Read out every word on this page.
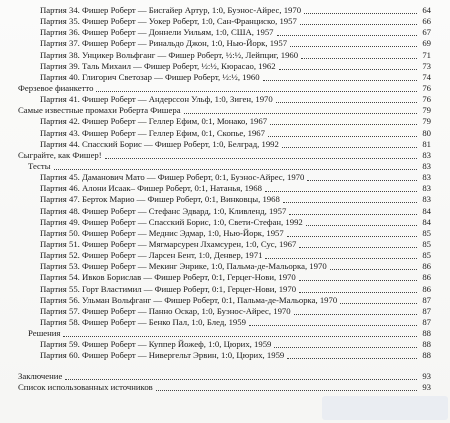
Партия 34. Фишер Роберт — Бисгайер Артур, 1:0, Буэнос-Айрес, 1970	64
Партия 35. Фишер Роберт — Уокер Роберт, 1:0, Сан-Франциско, 1957	66
Партия 36. Фишер Роберт — Доннели Уильям, 1:0, США, 1957	67
Партия 37. Фишер Роберт — Ринальдо Джон, 1:0, Нью-Йорк, 1957	69
Партия 38. Унцикер Вольфганг — Фишер Роберт, ½:½, Лейпциг, 1960	71
Партия 39. Таль Михаил — Фишер Роберт, ½:½, Кюрасао, 1962	73
Партия 40. Глигорич Светозар — Фишер Роберт, ½:½, 1960	74
Ферзевое фианкетто	76
Партия 41. Фишер Роберт — Андерссон Ульф, 1:0, Зиген, 1970	76
Самые известные промахи Роберта Фишера	79
Партия 42. Фишер Роберт — Геллер Ефим, 0:1, Монако, 1967	79
Партия 43. Фишер Роберт — Геллер Ефим, 0:1, Скопье, 1967	80
Партия 44. Спасский Борис — Фишер Роберт, 1:0, Белград, 1992	81
Сыграйте, как Фишер!	83
Тесты	83
Партия 45. Даманович Мато — Фишер Роберт, 0:1, Буэнос-Айрес, 1970	83
Партия 46. Алони Исаак– Фишер Роберт, 0:1, Натанья, 1968	83
Партия 47. Берток Марио — Фишер Роберт, 0:1, Винковцы, 1968	83
Партия 48. Фишер Роберт — Стефанс Эдвард, 1:0, Кливленд, 1957	84
Партия 49. Фишер Роберт — Спасский Борис, 1:0, Свети-Стефан, 1992	84
Партия 50. Фишер Роберт — Меднис Эдмар, 1:0, Нью-Йорк, 1957	85
Партия 51. Фишер Роберт — Мягмарсурен Лхамсурен, 1:0, Сус, 1967	85
Партия 52. Фишер Роберт — Ларсен Бент, 1:0, Денвер, 1971	85
Партия 53. Фишер Роберт — Мекинг Энрике, 1:0, Пальма-де-Мальорка, 1970	86
Партия 54. Ивков Борислав — Фишер Роберт, 0:1, Герцег-Нови, 1970	86
Партия 55. Горт Властимил — Фишер Роберт, 0:1, Герцег-Нови, 1970	86
Партия 56. Ульман Вольфганг — Фишер Роберт, 0:1, Пальма-де-Мальорка, 1970	87
Партия 57. Фишер Роберт — Панно Оскар, 1:0, Буэнос-Айрес, 1970	87
Партия 58. Фишер Роберт — Бенко Пал, 1:0, Блед, 1959	87
Решения	88
Партия 59. Фишер Роберт — Куппер Йожеф, 1:0, Цюрих, 1959	88
Партия 60. Фишер Роберт — Нивергельт Эрвин, 1:0, Цюрих, 1959	88
Заключение	93
Список использованных источников	93
